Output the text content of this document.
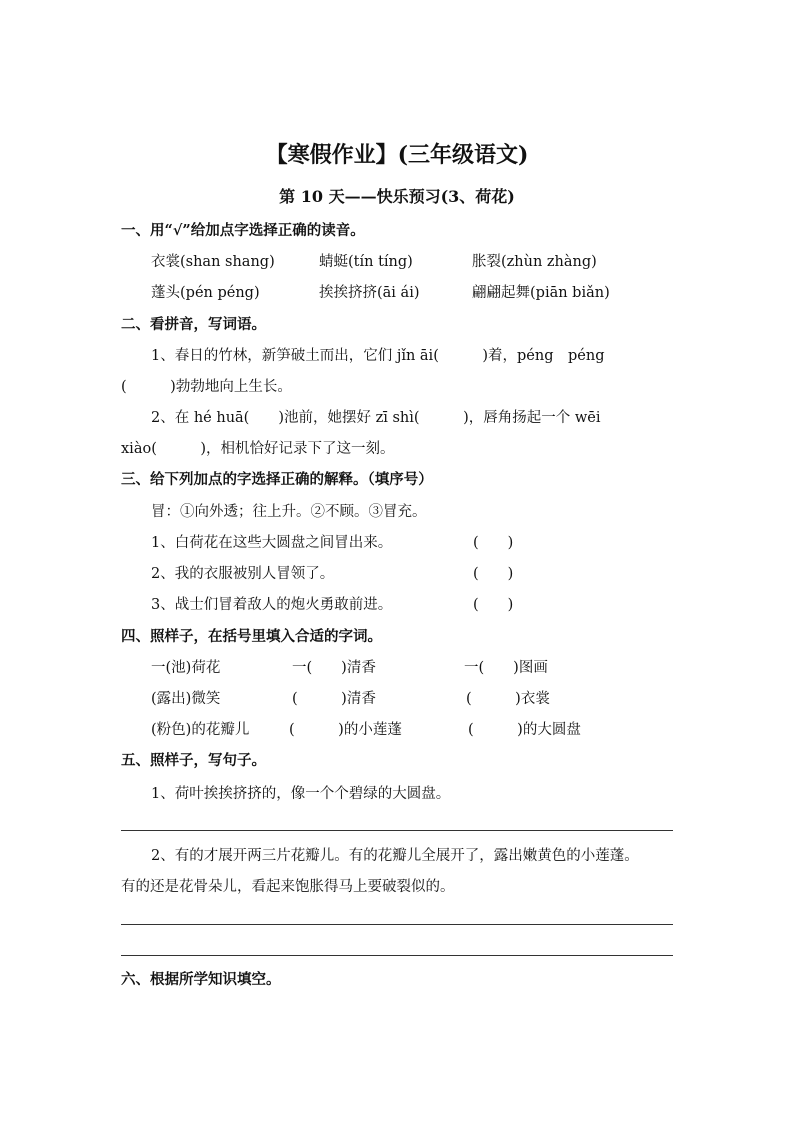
【寒假作业】(三年级语文)
第 10 天——快乐预习(3、荷花)
一、用“√”给加点字选择正确的读音。
衣裳(shan shang)	蜻蜓(tín tíng)	胀裂(zhùn zhàng)
蓬头(pén péng)	挨挨挤挤(āi ái)	翩翩起舞(piān biǎn)
二、看拼音，写词语。
1、春日的竹林，新笋破土而出，它们 jǐn āi(　　　)着，péng　péng
(　　　)勃勃地向上生长。
2、在 hé huā(　　)池前，她摆好 zī shì(　　　)，唇角扬起一个 wēi
xiào(　　　)，相机恰好记录下了这一刻。
三、给下列加点的字选择正确的解释。（填序号）
冒：①向外透；往上升。②不顾。③冒充。
1、白荷花在这些大圆盘之间冒出来。	(　　)
2、我的衣服被别人冒领了。	(　　)
3、战士们冒着敌人的炮火勇敢前进。	(　　)
四、照样子，在括号里填入合适的字词。
一(池)荷花	一(　　)清香	一(　　)图画
(露出)微笑	(　　　)清香	(　　　)衣裳
(粉色)的花瓣儿	(　　　)的小莲蓬	(　　　)的大圆盘
五、照样子，写句子。
1、荷叶挨挨挤挤的，像一个个碧绿的大圆盘。
2、有的才展开两三片花瓣儿。有的花瓣儿全展开了，露出嫩黄色的小莲蓬。
有的还是花骨朵儿，看起来饱胀得马上要破裂似的。
六、根据所学知识填空。
